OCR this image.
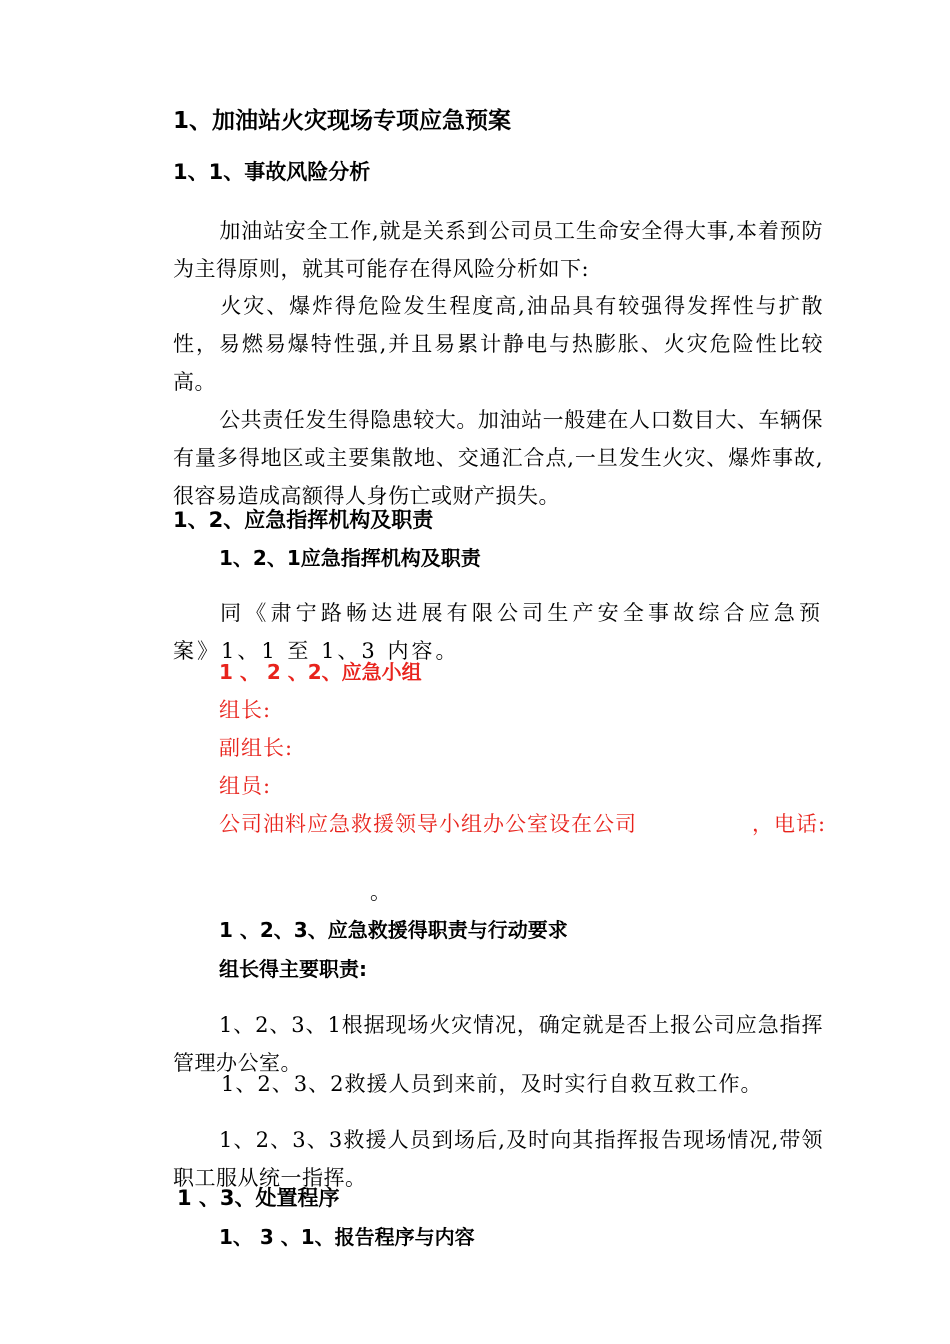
1、加油站火灾现场专项应急预案
1、1、事故风险分析

加油站安全工作,就是关系到公司员工生命安全得大事,本着预防为主得原则，就其可能存在得风险分析如下:

火灾、爆炸得危险发生程度高,油品具有较强得发挥性与扩散性，易燃易爆特性强,并且易累计静电与热膨胀、火灾危险性比较高。

公共责任发生得隐患较大。加油站一般建在人口数目大、车辆保有量多得地区或主要集散地、交通汇合点,一旦发生火灾、爆炸事故,很容易造成高额得人身伤亡或财产损失。

1、2、应急指挥机构及职责
1、2、1应急指挥机构及职责

同《肃宁路畅达进展有限公司生产安全事故综合应急预案》1、1 至 1、3 内容。

1 、 2 、2、应急小组

组长:

副组长:

组员:

公司油料应急救援领导小组办公室设在公司	，电话:

。

1 、2、3、应急救援得职责与行动要求
组长得主要职责:

1、2、3、1根据现场火灾情况，确定就是否上报公司应急指挥管理办公室。

1、2、3、2救援人员到来前，及时实行自救互救工作。

1、2、3、3救援人员到场后,及时向其指挥报告现场情况,带领职工服从统一指挥。

1 、3、处置程序
1、 3 、1、报告程序与内容
